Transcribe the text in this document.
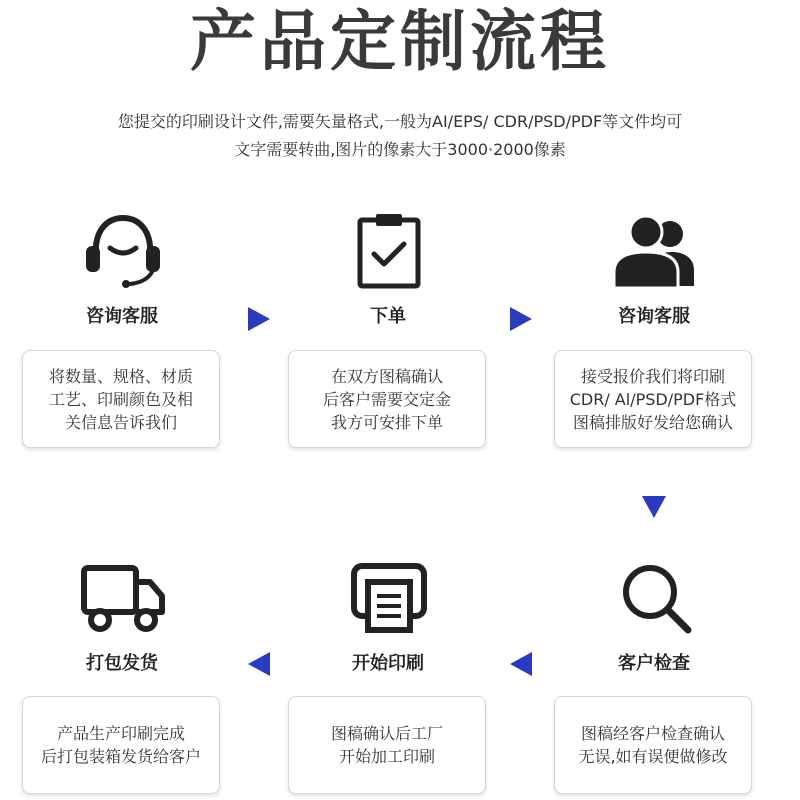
产品定制流程
您提交的印刷设计文件,需要矢量格式,一般为AI/EPS/ CDR/PSD/PDF等文件均可
文字需要转曲,图片的像素大于3000·2000像素
咨询客服
将数量、规格、材质
工艺、印刷颜色及相
关信息告诉我们
下单
在双方图稿确认
后客户需要交定金
我方可安排下单
咨询客服
接受报价我们将印刷
CDR/ Al/PSD/PDF格式
图稿排版好发给您确认
客户检查
图稿经客户检查确认
无误,如有误便做修改
开始印刷
图稿确认后工厂
开始加工印刷
打包发货
产品生产印刷完成
后打包装箱发货给客户
